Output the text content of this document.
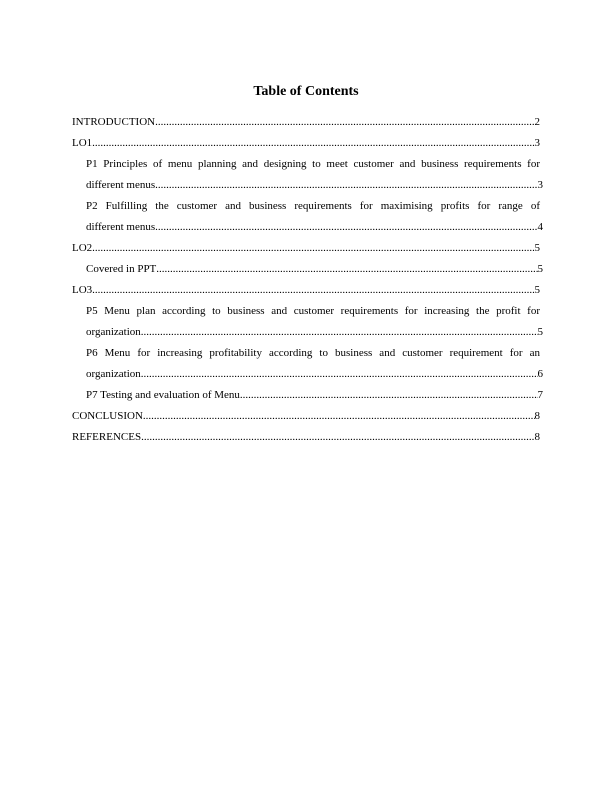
Table of Contents
INTRODUCTION .....	2
LO1 .....	3
P1 Principles of menu planning and designing to meet customer and business requirements for
different menus .....	3
P2 Fulfilling the customer and business requirements for maximising profits for range of
different menus .....	4
LO2 .....	5
Covered in PPT .....	5
LO3 .....	5
P5 Menu plan according to business and customer requirements for increasing the profit for
organization .....	5
P6 Menu for increasing profitability according to business and customer requirement for an
organization .....	6
P7 Testing and evaluation of Menu .....	7
CONCLUSION .....	8
REFERENCES .....	8
